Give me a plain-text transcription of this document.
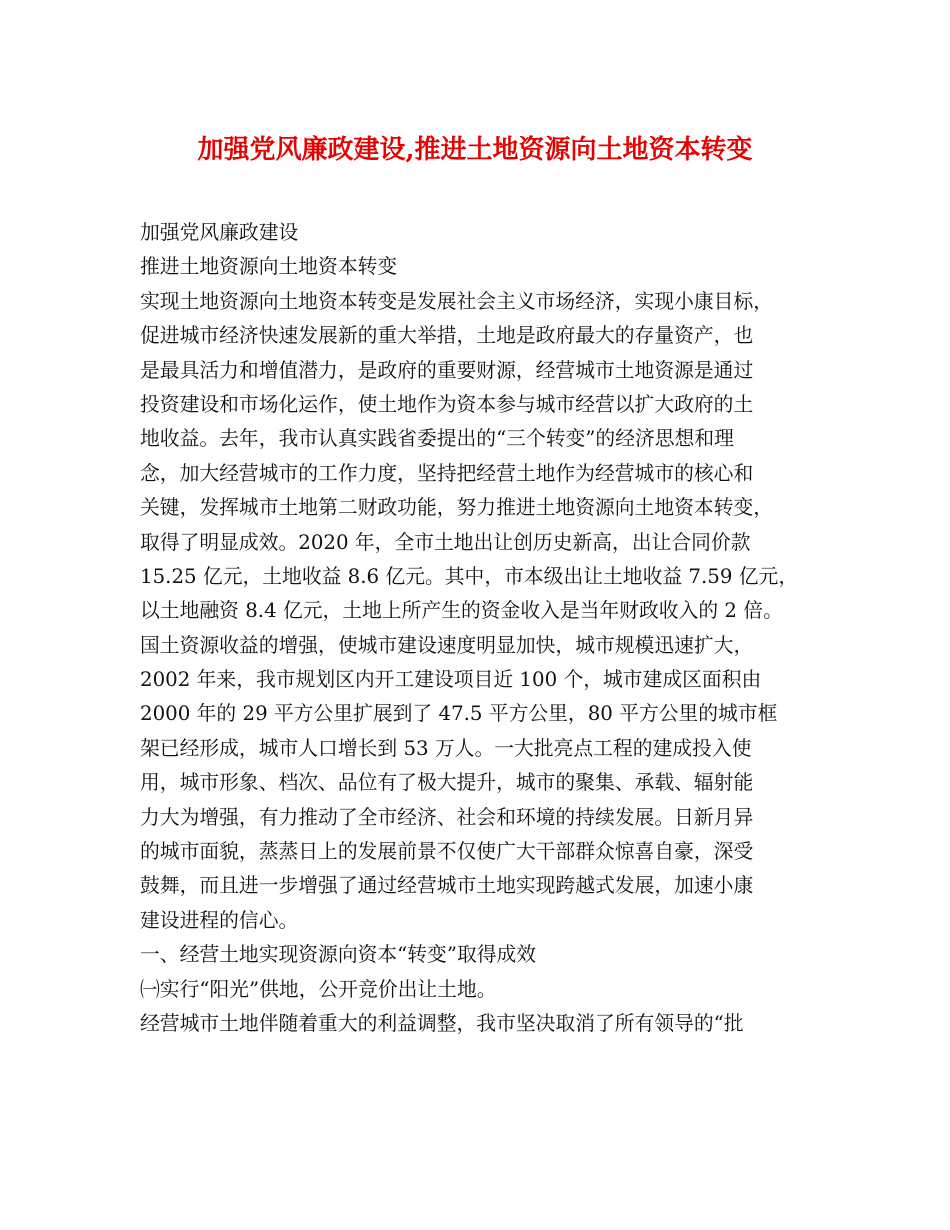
加强党风廉政建设,推进土地资源向土地资本转变
加强党风廉政建设
推进土地资源向土地资本转变
实现土地资源向土地资本转变是发展社会主义市场经济，实现小康目标，
促进城市经济快速发展新的重大举措，土地是政府最大的存量资产，也
是最具活力和增值潜力，是政府的重要财源，经营城市土地资源是通过
投资建设和市场化运作，使土地作为资本参与城市经营以扩大政府的土
地收益。去年，我市认真实践省委提出的“三个转变”的经济思想和理
念，加大经营城市的工作力度，坚持把经营土地作为经营城市的核心和
关键，发挥城市土地第二财政功能，努力推进土地资源向土地资本转变，
取得了明显成效。2020 年，全市土地出让创历史新高，出让合同价款
15.25 亿元，土地收益 8.6 亿元。其中，市本级出让土地收益 7.59 亿元，
以土地融资 8.4 亿元，土地上所产生的资金收入是当年财政收入的 2 倍。
国土资源收益的增强，使城市建设速度明显加快，城市规模迅速扩大，
2002 年来，我市规划区内开工建设项目近 100 个，城市建成区面积由
2000 年的 29 平方公里扩展到了 47.5 平方公里，80 平方公里的城市框
架已经形成，城市人口增长到 53 万人。一大批亮点工程的建成投入使
用，城市形象、档次、品位有了极大提升，城市的聚集、承载、辐射能
力大为增强，有力推动了全市经济、社会和环境的持续发展。日新月异
的城市面貌，蒸蒸日上的发展前景不仅使广大干部群众惊喜自豪，深受
鼓舞，而且进一步增强了通过经营城市土地实现跨越式发展，加速小康
建设进程的信心。
一、经营土地实现资源向资本“转变”取得成效
㈠实行“阳光”供地，公开竞价出让土地。
经营城市土地伴随着重大的利益调整，我市坚决取消了所有领导的“批
